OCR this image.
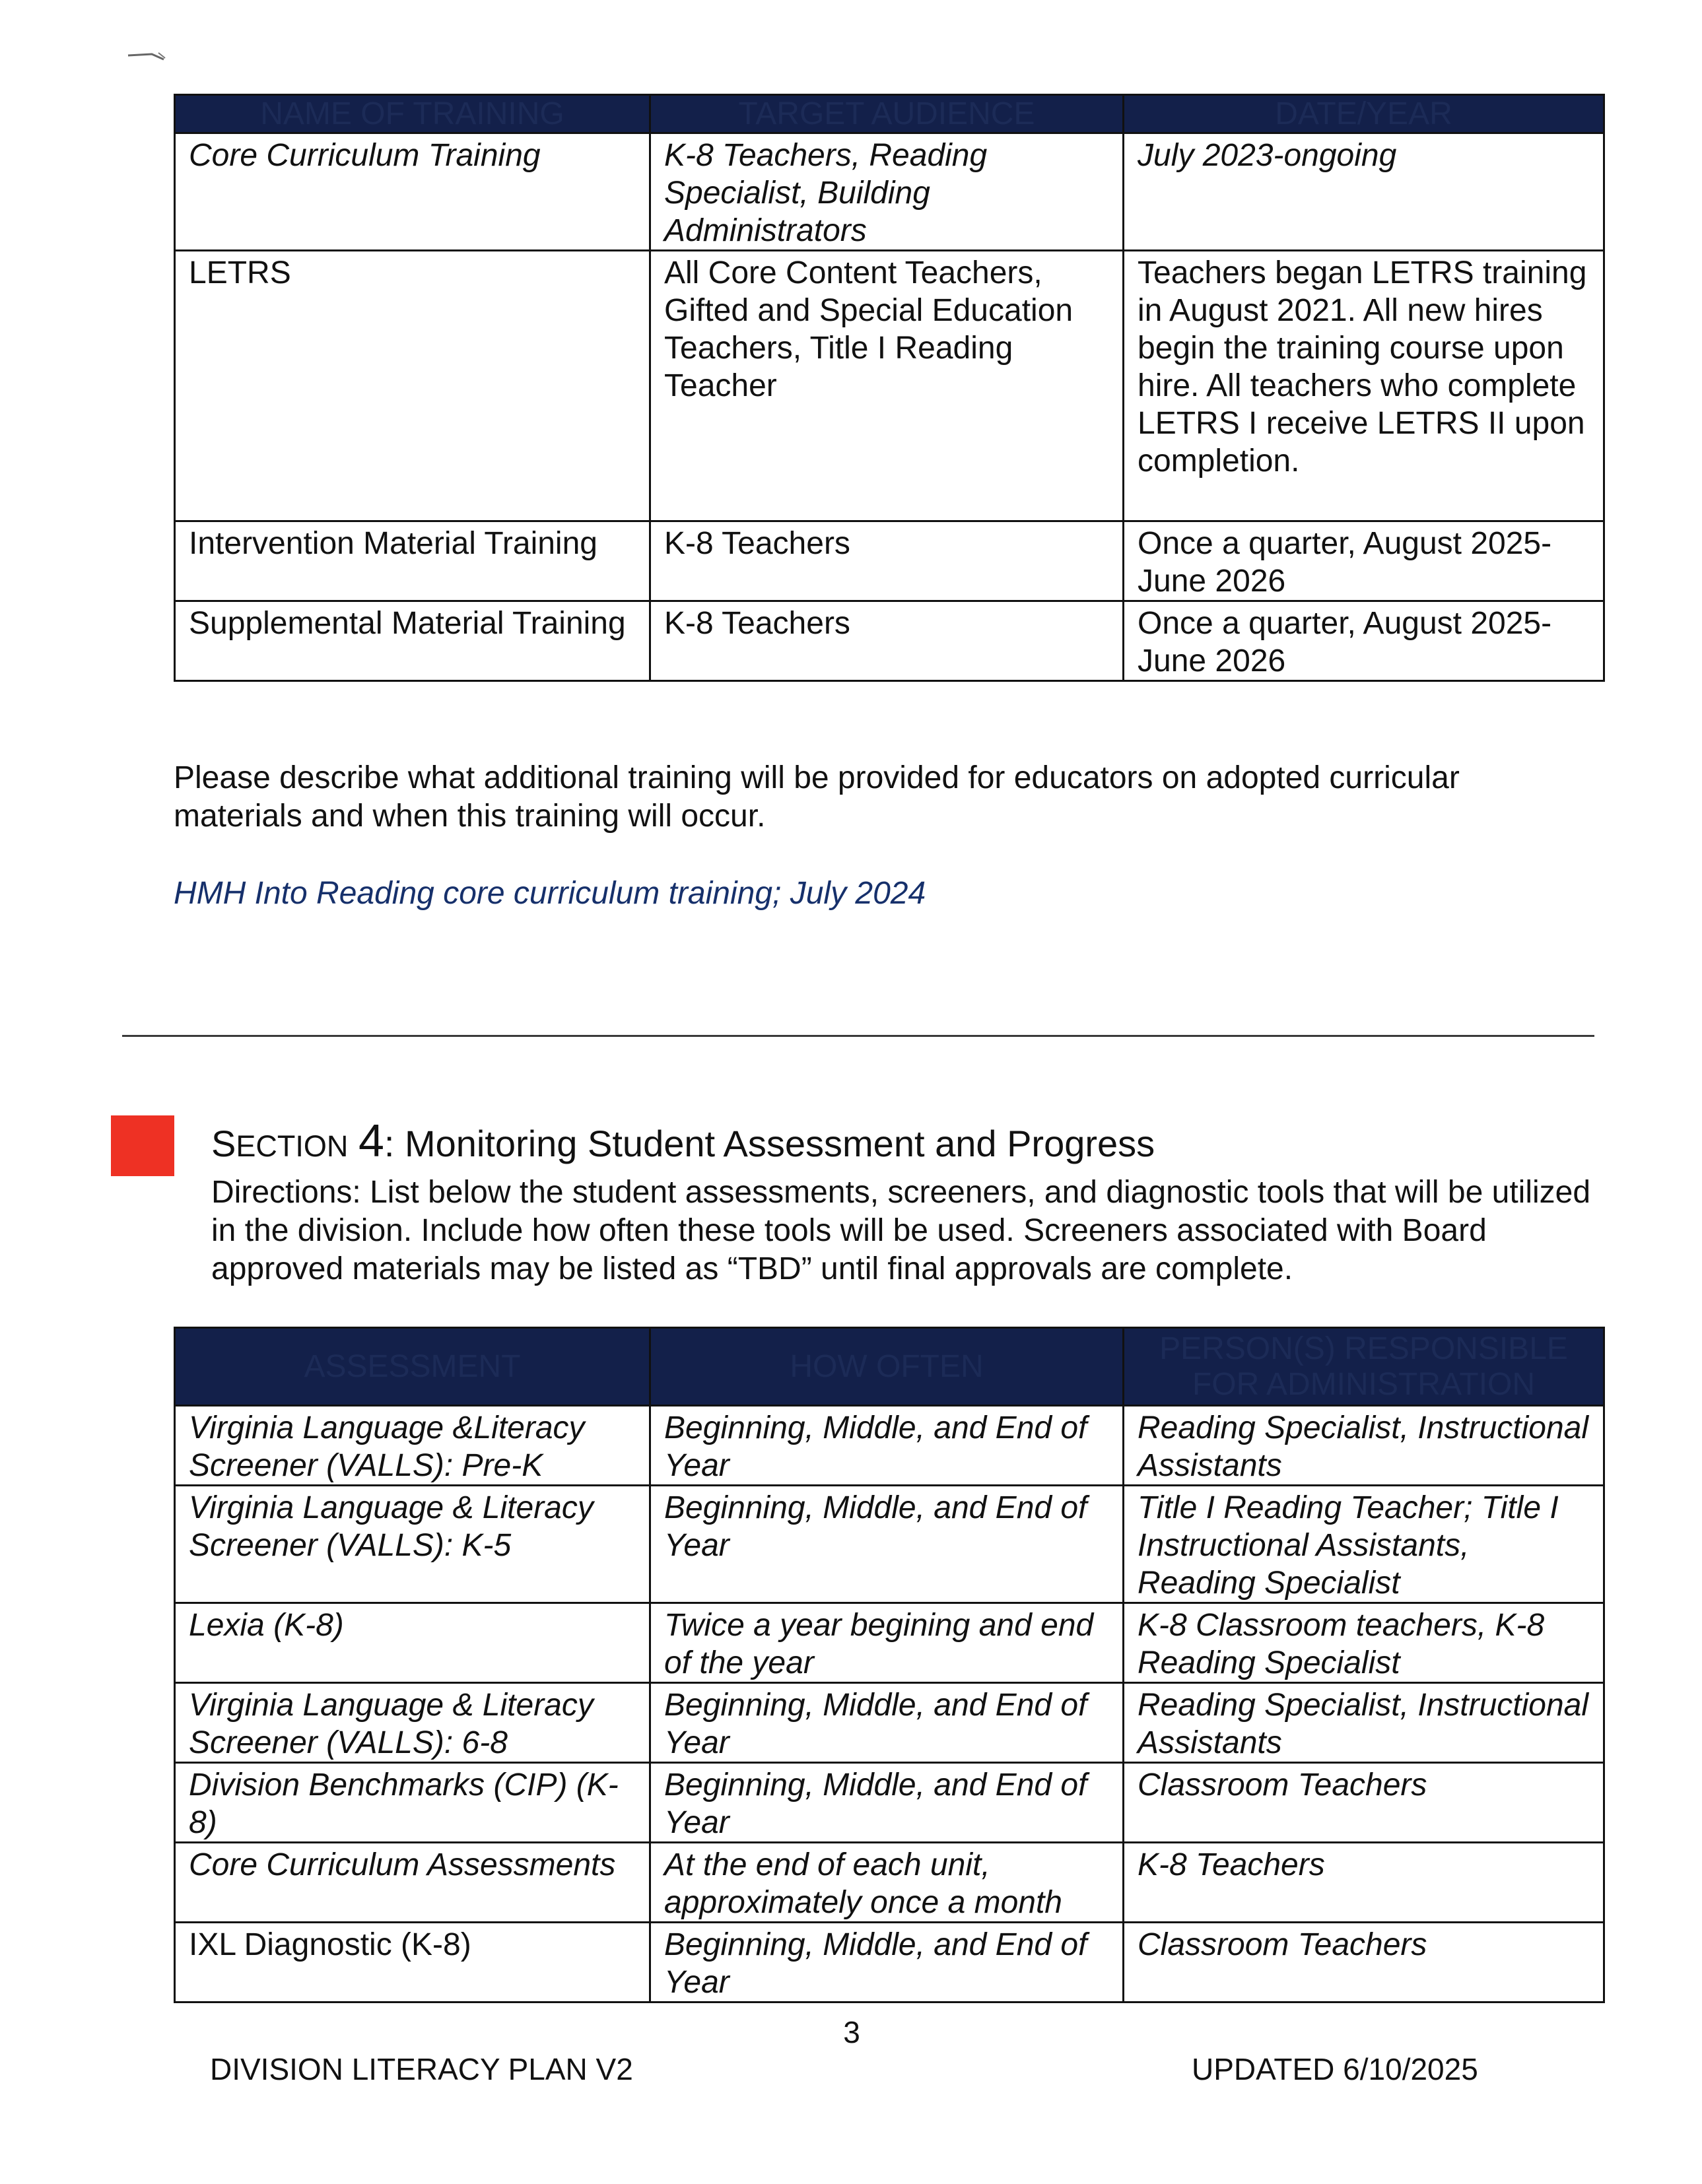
NAME OF TRAINING	TARGET AUDIENCE	DATE/YEAR
Core Curriculum Training	K-8 Teachers, Reading Specialist, Building Administrators	July 2023-ongoing
LETRS	All Core Content Teachers, Gifted and Special Education Teachers, Title I Reading Teacher	Teachers began LETRS training in August 2021. All new hires begin the training course upon hire. All teachers who complete LETRS I receive LETRS II upon completion.
Intervention Material Training	K-8 Teachers	Once a quarter, August 2025-June 2026
Supplemental Material Training	K-8 Teachers	Once a quarter, August 2025-June 2026
Please describe what additional training will be provided for educators on adopted curricular materials and when this training will occur.
HMH Into Reading core curriculum training; July 2024
SECTION 4: Monitoring Student Assessment and Progress
Directions: List below the student assessments, screeners, and diagnostic tools that will be utilized in the division. Include how often these tools will be used. Screeners associated with Board approved materials may be listed as “TBD” until final approvals are complete.
ASSESSMENT	HOW OFTEN	PERSON(S) RESPONSIBLE FOR ADMINISTRATION
Virginia Language &Literacy Screener (VALLS): Pre-K	Beginning, Middle, and End of Year	Reading Specialist, Instructional Assistants
Virginia Language & Literacy Screener (VALLS): K-5	Beginning, Middle, and End of Year	Title I Reading Teacher; Title I Instructional Assistants, Reading Specialist
Lexia (K-8)	Twice a year begining and end of the year	K-8 Classroom teachers, K-8 Reading Specialist
Virginia Language & Literacy Screener (VALLS): 6-8	Beginning, Middle, and End of Year	Reading Specialist, Instructional Assistants
Division Benchmarks (CIP) (K-8)	Beginning, Middle, and End of Year	Classroom Teachers
Core Curriculum Assessments	At the end of each unit, approximately once a month	K-8 Teachers
IXL Diagnostic (K-8)	Beginning, Middle, and End of Year	Classroom Teachers
3
DIVISION LITERACY PLAN V2	UPDATED 6/10/2025
